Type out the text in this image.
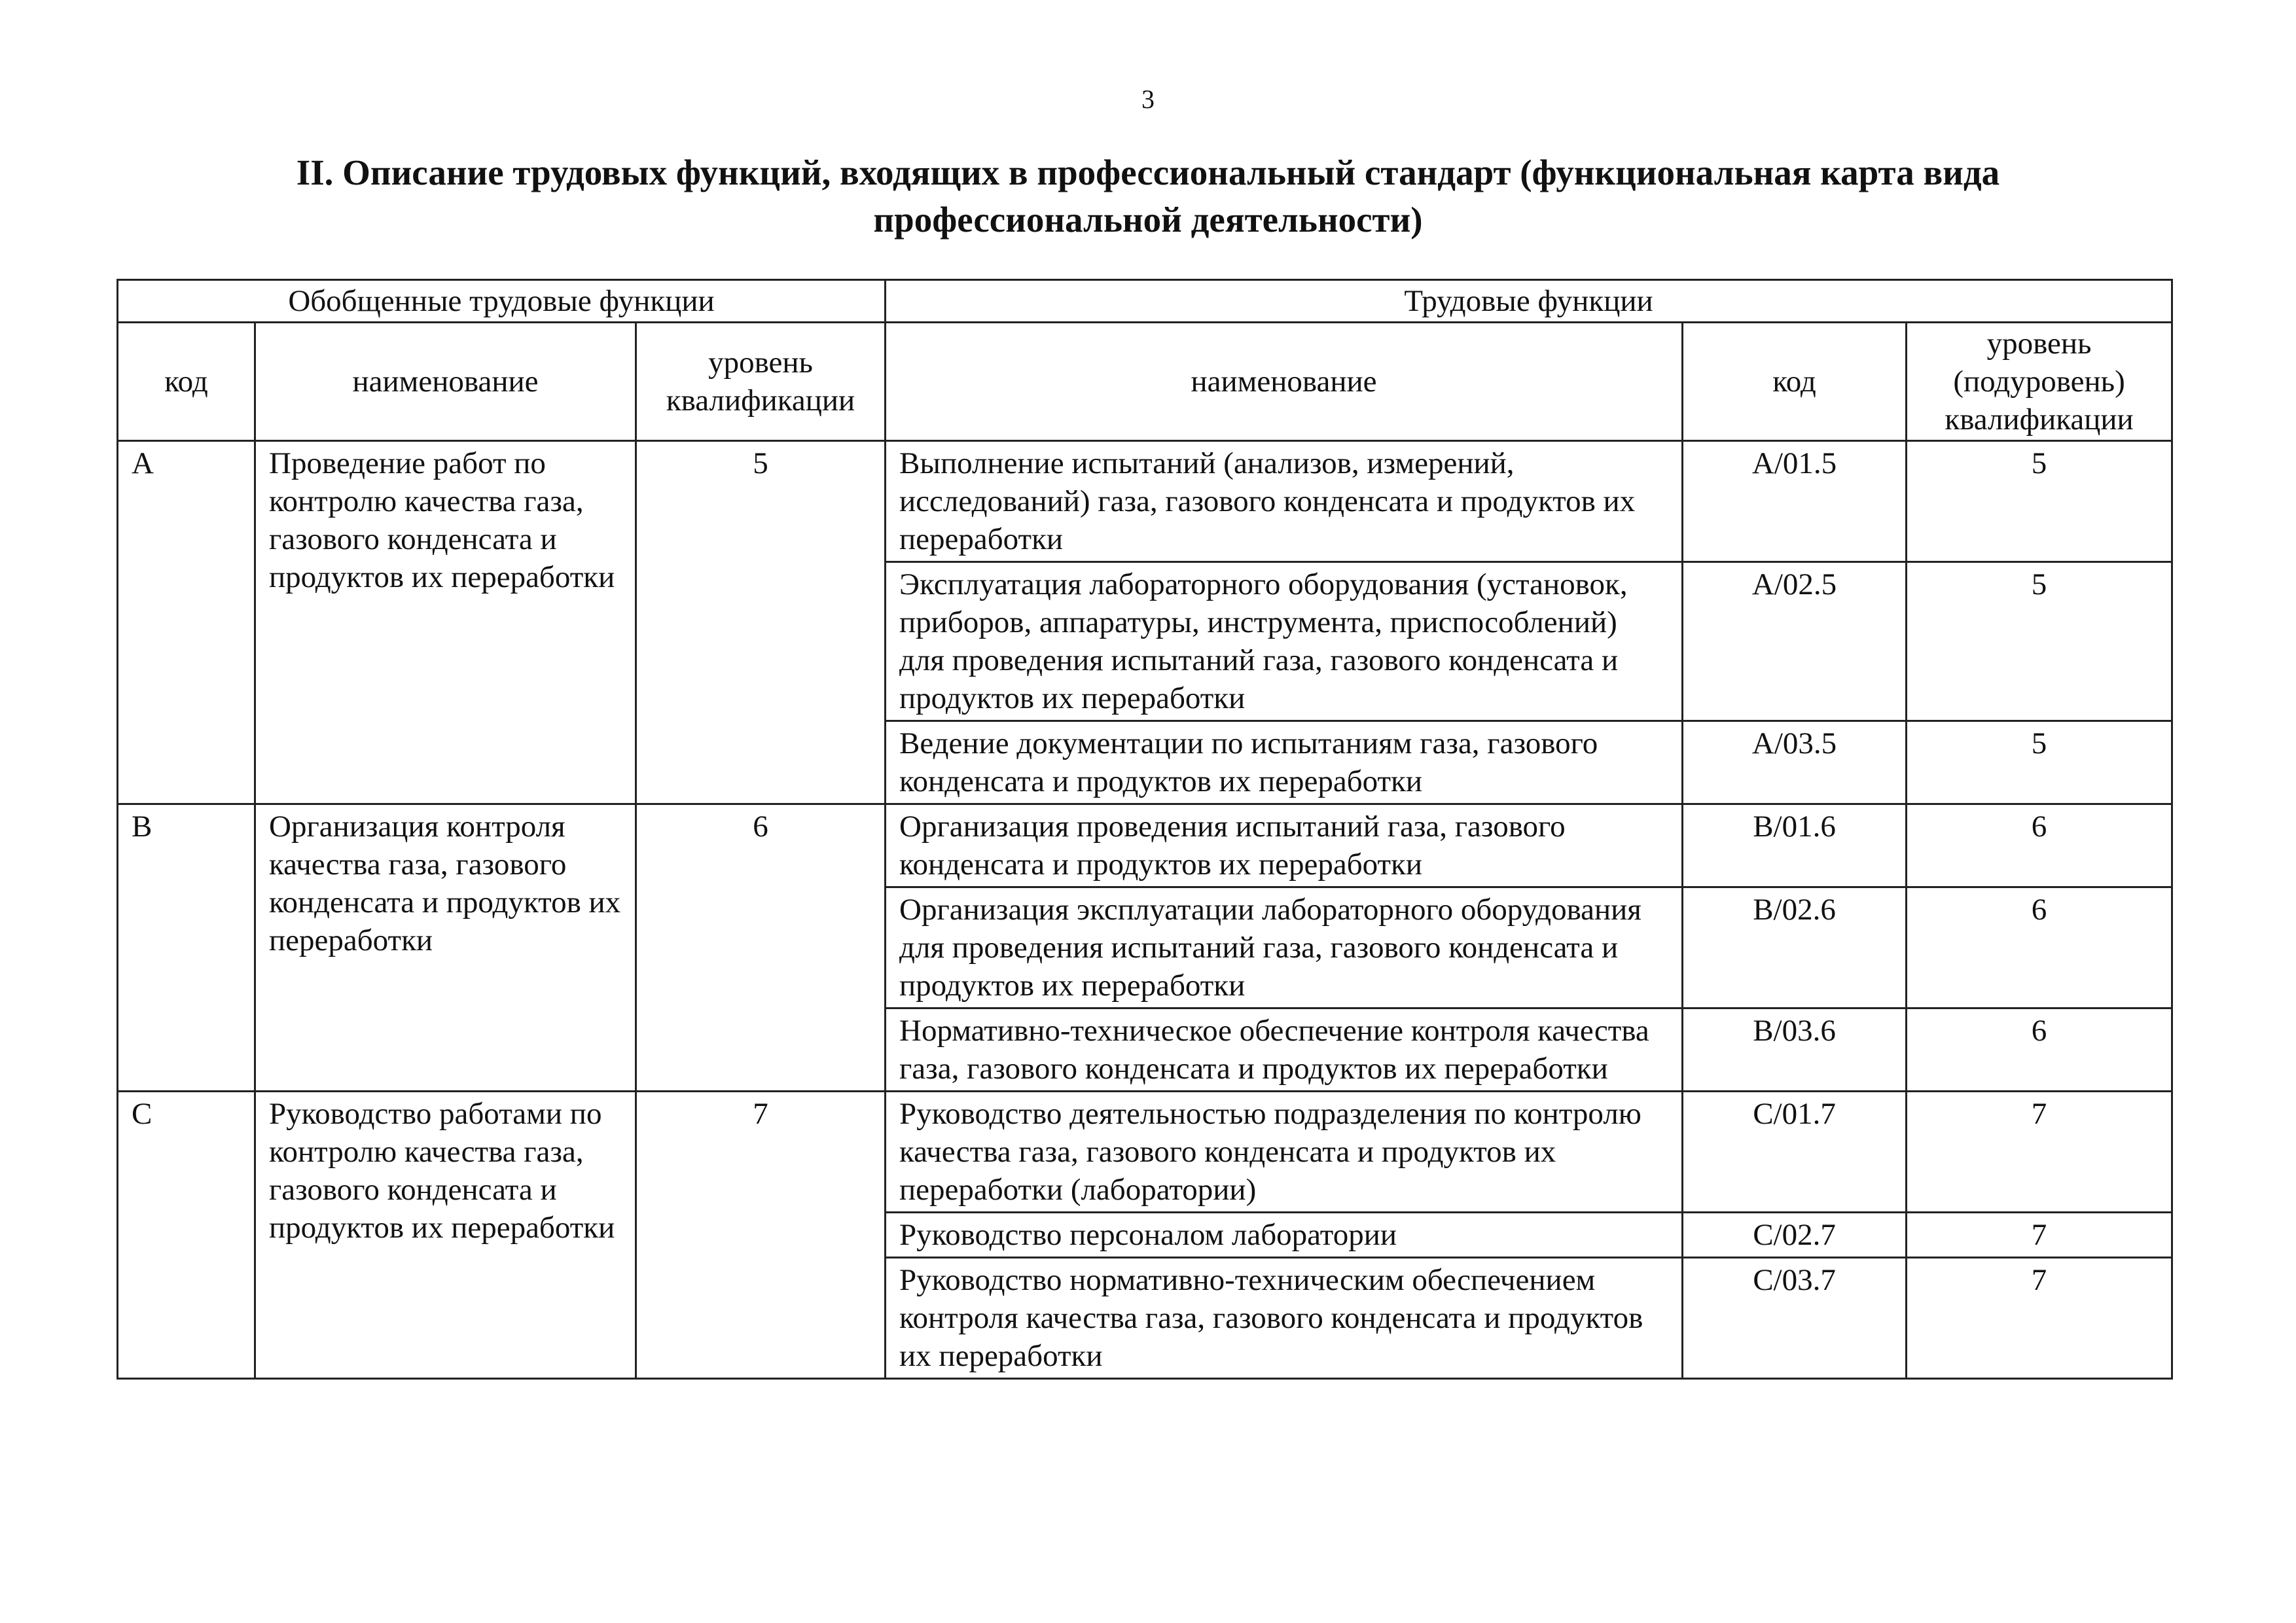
3
II. Описание трудовых функций, входящих в профессиональный стандарт (функциональная карта вида
профессиональной деятельности)
Обобщенные трудовые функции			Трудовые функции		
код	наименование	уровень квалификации	наименование	код	уровень (подуровень) квалификации
A	Проведение работ по контролю качества газа, газового конденсата и продуктов их переработки	5	Выполнение испытаний (анализов, измерений, исследований) газа, газового конденсата и продуктов их переработки	A/01.5	5
			Эксплуатация лабораторного оборудования (установок, приборов, аппаратуры, инструмента, приспособлений) для проведения испытаний газа, газового конденсата и продуктов их переработки	A/02.5	5
			Ведение документации по испытаниям газа, газового конденсата и продуктов их переработки	A/03.5	5
B	Организация контроля качества газа, газового конденсата и продуктов их переработки	6	Организация проведения испытаний газа, газового конденсата и продуктов их переработки	B/01.6	6
			Организация эксплуатации лабораторного оборудования для проведения испытаний газа, газового конденсата и продуктов их переработки	B/02.6	6
			Нормативно-техническое обеспечение контроля качества газа, газового конденсата и продуктов их переработки	B/03.6	6
C	Руководство работами по контролю качества газа, газового конденсата и продуктов их переработки	7	Руководство деятельностью подразделения по контролю качества газа, газового конденсата и продуктов их переработки (лаборатории)	C/01.7	7
			Руководство персоналом лаборатории	C/02.7	7
			Руководство нормативно-техническим обеспечением контроля качества газа, газового конденсата и продуктов их переработки	C/03.7	7
